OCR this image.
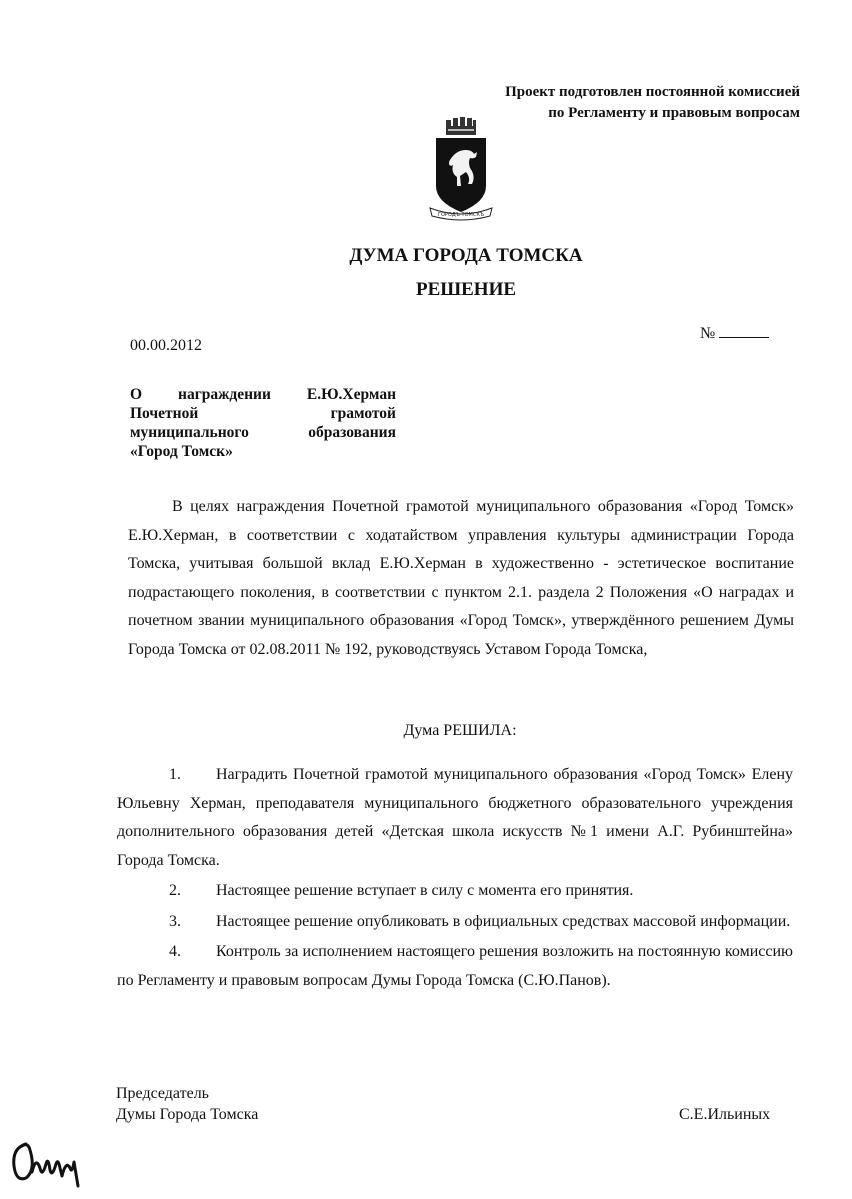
Проект подготовлен постоянной комиссией
по Регламенту и правовым вопросам
ГОРОДЪ ТОМСКЪ
ДУМА ГОРОДА ТОМСКА
РЕШЕНИЕ
00.00.2012
№
О награждении Е.Ю.Херман
Почетной	грамотой
муниципального	образования
«Город Томск»
В целях награждения Почетной грамотой муниципального образования «Город Томск» Е.Ю.Херман, в соответствии с ходатайством управления культуры администрации Города Томска, учитывая большой вклад Е.Ю.Херман в художественно - эстетическое воспитание подрастающего поколения, в соответствии с пунктом 2.1. раздела 2 Положения «О наградах и почетном звании муниципального образования «Город Томск», утверждённого решением Думы Города Томска от 02.08.2011 № 192, руководствуясь Уставом Города Томска,
Дума РЕШИЛА:
1. Наградить Почетной грамотой муниципального образования «Город Томск» Елену Юльевну Херман, преподавателя муниципального бюджетного образовательного учреждения дополнительного образования детей «Детская школа искусств №1 имени А.Г. Рубинштейна» Города Томска.
2. Настоящее решение вступает в силу с момента его принятия.
3. Настоящее решение опубликовать в официальных средствах массовой информации.
4. Контроль за исполнением настоящего решения возложить на постоянную комиссию по Регламенту и правовым вопросам Думы Города Томска (С.Ю.Панов).
Председатель
Думы Города Томска	С.Е.Ильиных
